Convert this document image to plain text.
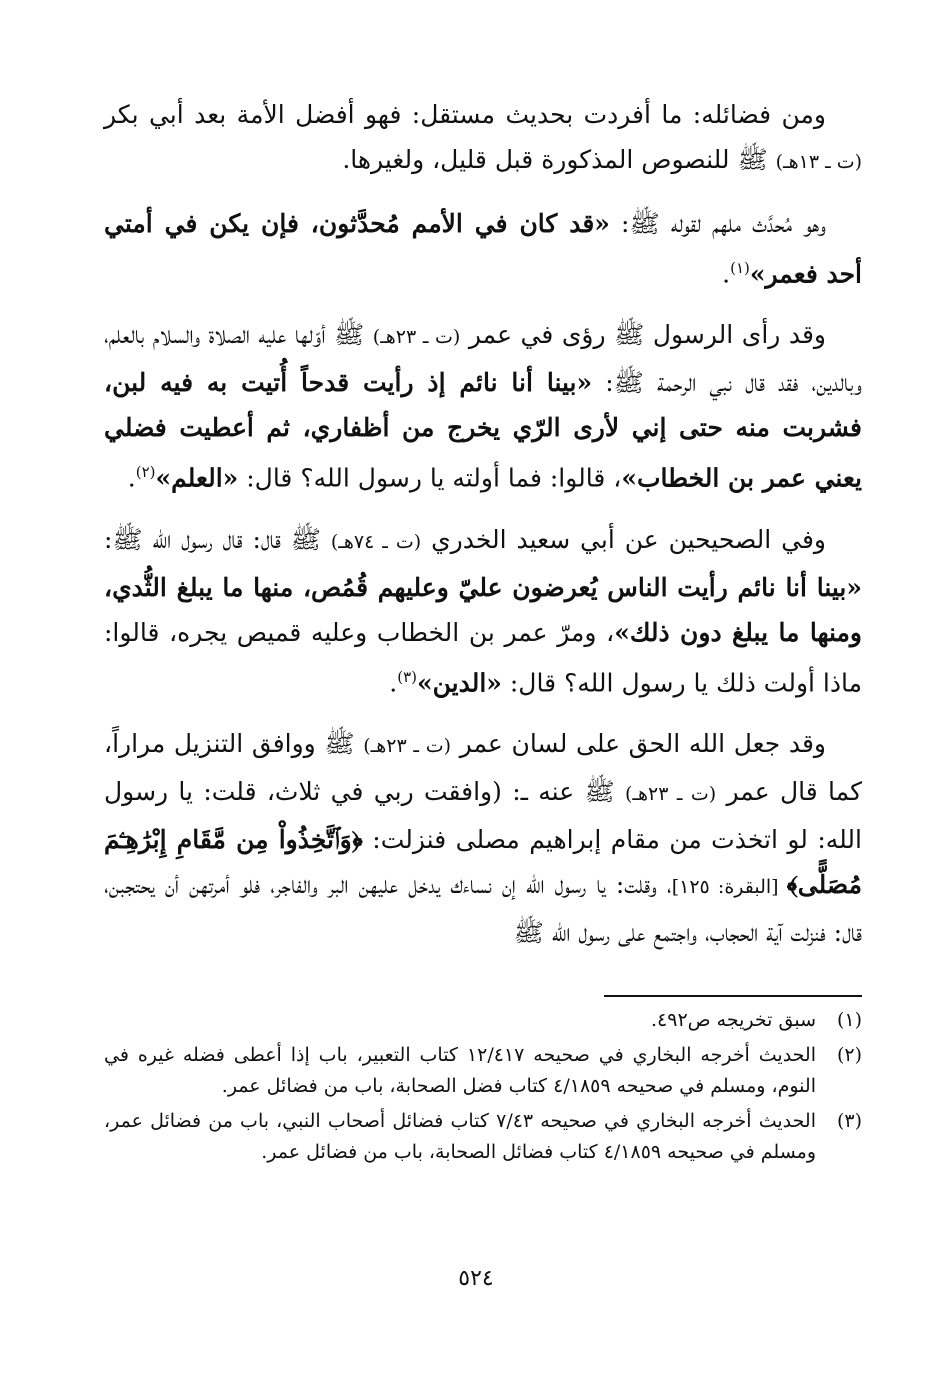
ومن فضائله: ما أفردت بحديث مستقل: فهو أفضل الأمة بعد أبي بكر (ت ـ ١٣هـ) ﷺ للنصوص المذكورة قبل قليل، ولغيرها.

وهو مُحدَّث ملهم لقوله ﷺ: «قد كان في الأمم مُحدَّثون، فإن يكن في أمتي أحد فعمر»$^{(١)}$.

وقد رأى الرسول ﷺ رؤى في عمر (ت ـ ٢٣هـ) ﷺ أوّلها عليه الصلاة والسلام بالعلم، وبالدين، فقد قال نبي الرحمة ﷺ: «بينا أنا نائم إذ رأيت قدحاً أُتيت به فيه لبن، فشربت منه حتى إني لأرى الرّي يخرج من أظفاري، ثم أعطيت فضلي يعني عمر بن الخطاب»، قالوا: فما أولته يا رسول الله؟ قال: «العلم»$^{(٢)}$.

وفي الصحيحين عن أبي سعيد الخدري (ت ـ ٧٤هـ) ﷺ قال: قال رسول الله ﷺ: «بينا أنا نائم رأيت الناس يُعرضون عليّ وعليهم قُمُص، منها ما يبلغ الثُّدي، ومنها ما يبلغ دون ذلك»، ومرّ عمر بن الخطاب وعليه قميص يجره، قالوا: ماذا أولت ذلك يا رسول الله؟ قال: «الدين»$^{(٣)}$.

وقد جعل الله الحق على لسان عمر (ت ـ ٢٣هـ) ﷺ ووافق التنزيل مراراً، كما قال عمر (ت ـ ٢٣هـ) ﷺ عنه ـ: (وافقت ربي في ثلاث، قلت: يا رسول الله: لو اتخذت من مقام إبراهيم مصلى فنزلت: ﴿وَٱتَّخِذُواْ مِن مَّقَامِ إِبْرَٰهِـۧمَ مُصَلًّى﴾ [البقرة: ١٢٥]، وقلت: يا رسول الله إن نساءك يدخل عليهن البر والفاجر، فلو أمرتهن أن يحتجبن، قال: فنزلت آية الحجاب، واجتمع على رسول الله ﷺ

(١)
سبق تخريجه ص٤٩٢.
(٢)
الحديث أخرجه البخاري في صحيحه ١٢/٤١٧ كتاب التعبير، باب إذا أعطى فضله غيره في النوم، ومسلم في صحيحه ٤/١٨٥٩ كتاب فضل الصحابة، باب من فضائل عمر.
(٣)
الحديث أخرجه البخاري في صحيحه ٧/٤٣ كتاب فضائل أصحاب النبي، باب من فضائل عمر، ومسلم في صحيحه ٤/١٨٥٩ كتاب فضائل الصحابة، باب من فضائل عمر.
٥٢٤
